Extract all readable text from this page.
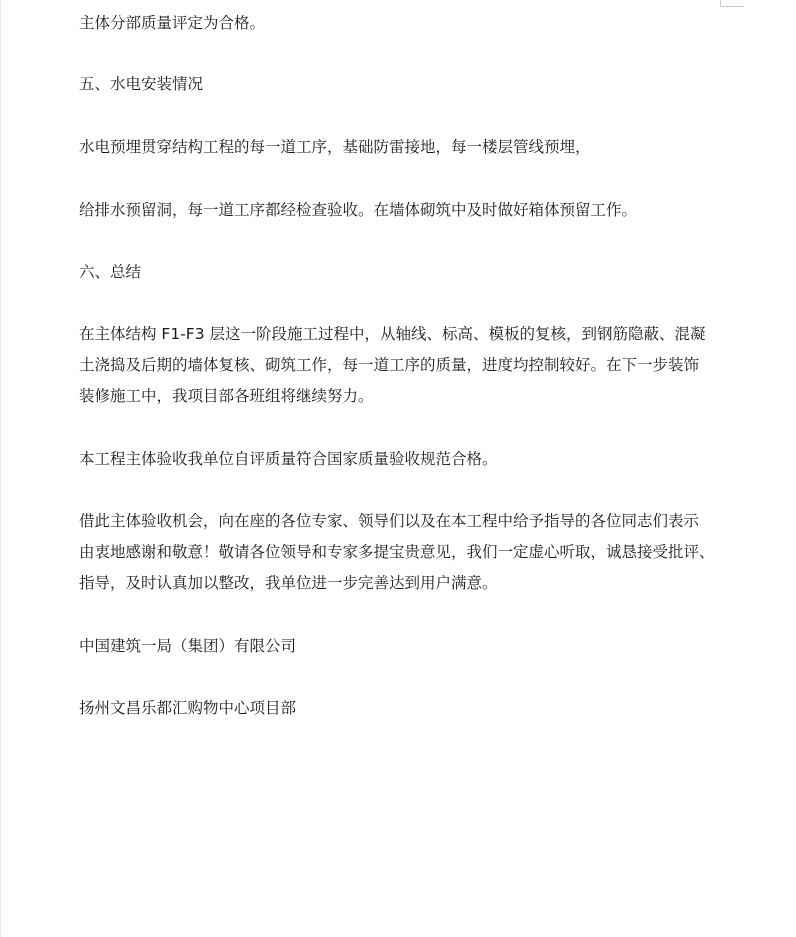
主体分部质量评定为合格。

五、水电安装情况

水电预埋贯穿结构工程的每一道工序，基础防雷接地，每一楼层管线预埋，

给排水预留洞，每一道工序都经检查验收。在墙体砌筑中及时做好箱体预留工作。

六、总结

在主体结构 F1-F3 层这一阶段施工过程中，从轴线、标高、模板的复核，到钢筋隐蔽、混凝
土浇捣及后期的墙体复核、砌筑工作，每一道工序的质量，进度均控制较好。在下一步装饰
装修施工中，我项目部各班组将继续努力。

本工程主体验收我单位自评质量符合国家质量验收规范合格。

借此主体验收机会，向在座的各位专家、领导们以及在本工程中给予指导的各位同志们表示
由衷地感谢和敬意！敬请各位领导和专家多提宝贵意见，我们一定虚心听取，诚恳接受批评、
指导，及时认真加以整改，我单位进一步完善达到用户满意。

中国建筑一局（集团）有限公司

扬州文昌乐都汇购物中心项目部
